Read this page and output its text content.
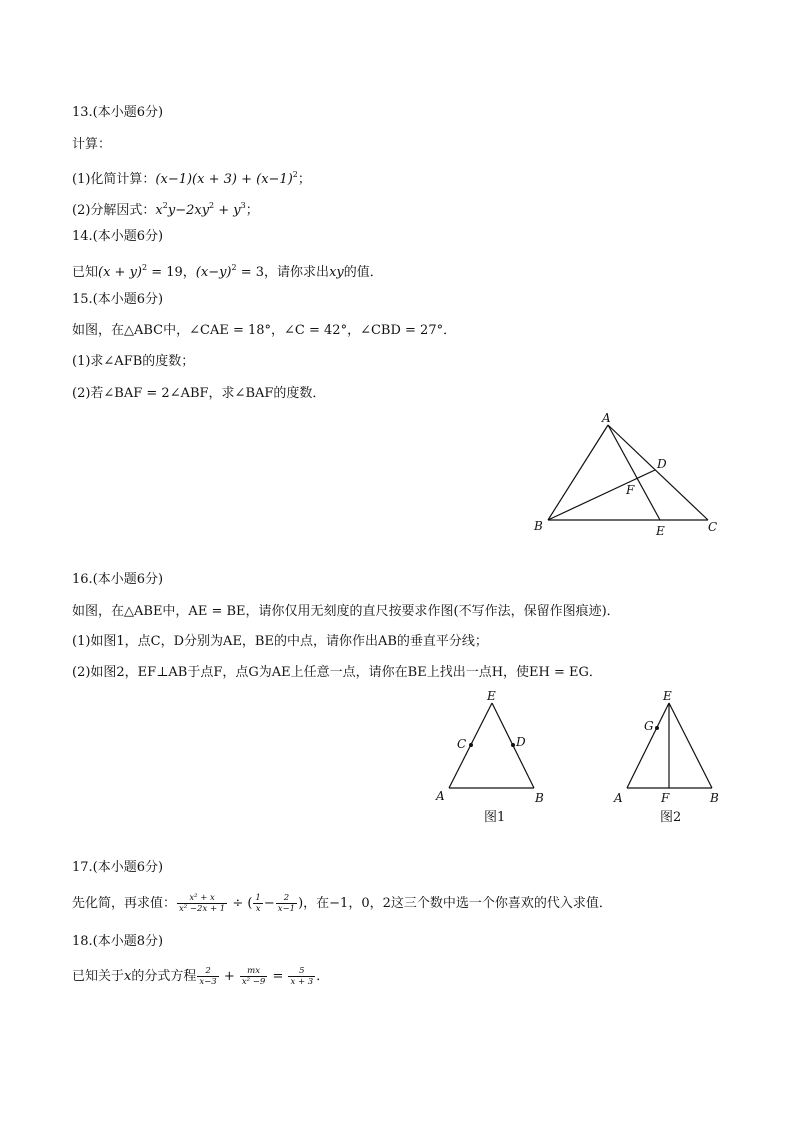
13.(本小题6分)
计算：
(1)化简计算：$(x-1)(x + 3) + (x-1)^2$；
(2)分解因式：$x^2y-2xy^2 + y^3$；
14.(本小题6分)
已知$(x + y)^2 = 19$，$(x-y)^2 = 3$，请你求出xy的值．
15.(本小题6分)
如图，在△ABC中，∠CAE = 18°，∠C = 42°，∠CBD = 27°．
(1)求∠AFB的度数；
(2)若∠BAF = 2∠ABF，求∠BAF的度数．
A
B	C
D
E
F
16.(本小题6分)
如图，在△ABE中，AE = BE，请你仅用无刻度的直尺按要求作图(不写作法，保留作图痕迹)．
(1)如图1，点C，D分别为AE，BE的中点，请你作出AB的垂直平分线；
(2)如图2，EF⊥AB于点F，点G为AE上任意一点，请你在BE上找出一点H，使EH = EG．
E
C	D
A	B
图1
E
G
A	F	B
图2
17.(本小题6分)
先化简，再求值： $\frac{\text{x² + x}}{\text{x² −2x + 1}}$ ÷ ( $\frac{1}{x} - \frac{2}{x-1}$ )，在−1，0，2这三个数中选一个你喜欢的代入求值．
18.(本小题8分)
已知关于x的分式方程 $\frac{2}{x-3} + \frac{mx}{\text{x² −9}} = \frac{5}{x + 3}$ ．
